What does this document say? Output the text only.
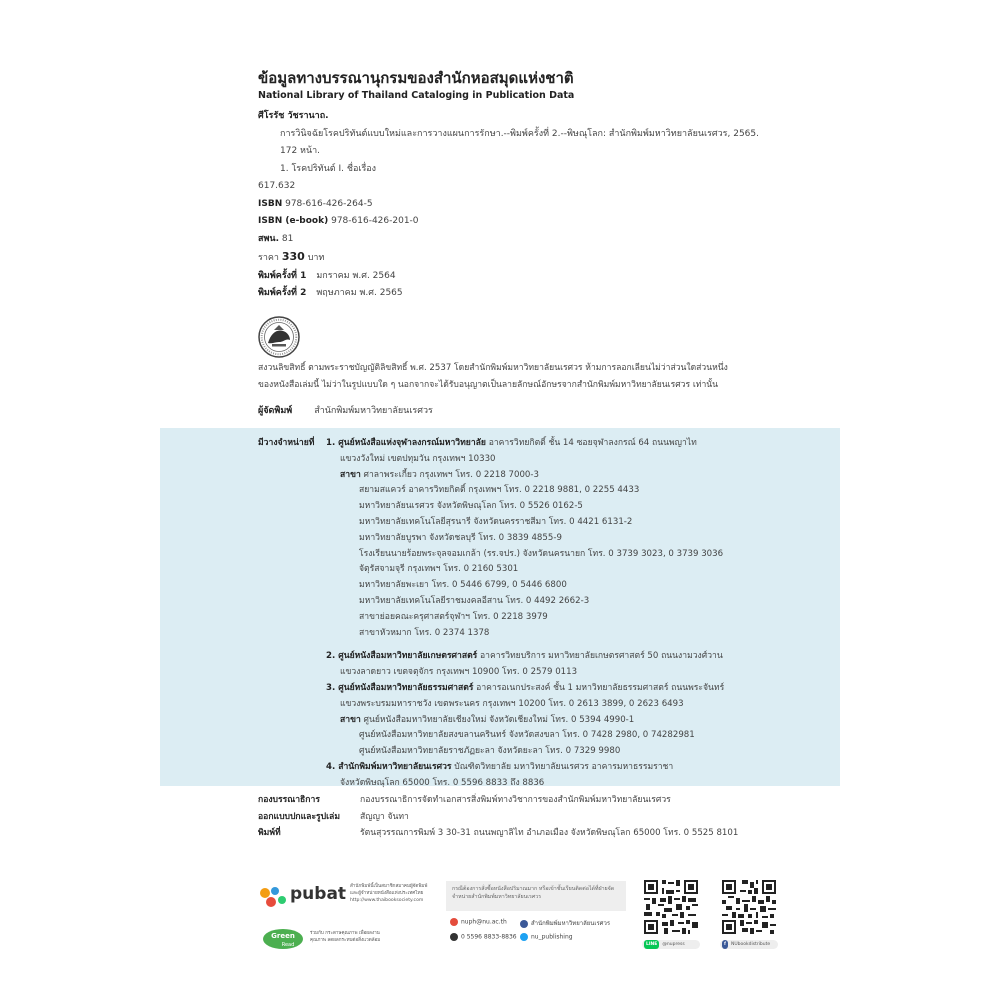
ข้อมูลทางบรรณานุกรมของสำนักหอสมุดแห่งชาติ
National Library of Thailand Cataloging in Publication Data
ศีโรรัช วัชรานาถ.
การวินิจฉัยโรคปริทันต์แบบใหม่และการวางแผนการรักษา.--พิมพ์ครั้งที่ 2.--พิษณุโลก: สำนักพิมพ์มหาวิทยาลัยนเรศวร, 2565.
172 หน้า.
1. โรคปริทันต์ I. ชื่อเรื่อง
617.632
ISBN 978-616-426-264-5
ISBN (e-book) 978-616-426-201-0
สพน. 81
ราคา 330 บาท
พิมพ์ครั้งที่ 1 มกราคม พ.ศ. 2564
พิมพ์ครั้งที่ 2 พฤษภาคม พ.ศ. 2565
สงวนลิขสิทธิ์ ตามพระราชบัญญัติลิขสิทธิ์ พ.ศ. 2537 โดยสำนักพิมพ์มหาวิทยาลัยนเรศวร ห้ามการลอกเลียนไม่ว่าส่วนใดส่วนหนึ่ง
ของหนังสือเล่มนี้ ไม่ว่าในรูปแบบใด ๆ นอกจากจะได้รับอนุญาตเป็นลายลักษณ์อักษรจากสำนักพิมพ์มหาวิทยาลัยนเรศวร เท่านั้น
ผู้จัดพิมพ์ สำนักพิมพ์มหาวิทยาลัยนเรศวร
มีวางจำหน่ายที่ 1. ศูนย์หนังสือแห่งจุฬาลงกรณ์มหาวิทยาลัย อาคารวิทยกิตติ์ ชั้น 14 ซอยจุฬาลงกรณ์ 64 ถนนพญาไท
แขวงวังใหม่ เขตปทุมวัน กรุงเทพฯ 10330
สาขา ศาลาพระเกี้ยว กรุงเทพฯ โทร. 0 2218 7000-3
สยามสแควร์ อาคารวิทยกิตติ์ กรุงเทพฯ โทร. 0 2218 9881, 0 2255 4433
มหาวิทยาลัยนเรศวร จังหวัดพิษณุโลก โทร. 0 5526 0162-5
มหาวิทยาลัยเทคโนโลยีสุรนารี จังหวัดนครราชสีมา โทร. 0 4421 6131-2
มหาวิทยาลัยบูรพา จังหวัดชลบุรี โทร. 0 3839 4855-9
โรงเรียนนายร้อยพระจุลจอมเกล้า (รร.จปร.) จังหวัดนครนายก โทร. 0 3739 3023, 0 3739 3036
จัตุรัสจามจุรี กรุงเทพฯ โทร. 0 2160 5301
มหาวิทยาลัยพะเยา โทร. 0 5446 6799, 0 5446 6800
มหาวิทยาลัยเทคโนโลยีราชมงคลอีสาน โทร. 0 4492 2662-3
สาขาย่อยคณะครุศาสตร์จุฬาฯ โทร. 0 2218 3979
สาขาหัวหมาก โทร. 0 2374 1378
2. ศูนย์หนังสือมหาวิทยาลัยเกษตรศาสตร์ อาคารวิทยบริการ มหาวิทยาลัยเกษตรศาสตร์ 50 ถนนงามวงศ์วาน
แขวงลาดยาว เขตจตุจักร กรุงเทพฯ 10900 โทร. 0 2579 0113
3. ศูนย์หนังสือมหาวิทยาลัยธรรมศาสตร์ อาคารอเนกประสงค์ ชั้น 1 มหาวิทยาลัยธรรมศาสตร์ ถนนพระจันทร์
แขวงพระบรมมหาราชวัง เขตพระนคร กรุงเทพฯ 10200 โทร. 0 2613 3899, 0 2623 6493
สาขา ศูนย์หนังสือมหาวิทยาลัยเชียงใหม่ จังหวัดเชียงใหม่ โทร. 0 5394 4990-1
ศูนย์หนังสือมหาวิทยาลัยสงขลานครินทร์ จังหวัดสงขลา โทร. 0 7428 2980, 0 74282981
ศูนย์หนังสือมหาวิทยาลัยราชภัฏยะลา จังหวัดยะลา โทร. 0 7329 9980
4. สำนักพิมพ์มหาวิทยาลัยนเรศวร บัณฑิตวิทยาลัย มหาวิทยาลัยนเรศวร อาคารมหาธรรมราชา
จังหวัดพิษณุโลก 65000 โทร. 0 5596 8833 ถึง 8836
กองบรรณาธิการ	กองบรรณาธิการจัดทำเอกสารสิ่งพิมพ์ทางวิชาการของสำนักพิมพ์มหาวิทยาลัยนเรศวร
ออกแบบปกและรูปเล่ม สัญญา จันทา
พิมพ์ที่	รัตนสุวรรณการพิมพ์ 3 30-31 ถนนพญาลิไท อำเภอเมือง จังหวัดพิษณุโลก 65000 โทร. 0 5525 8101
pubat สำนักพิมพ์นี้เป็นสมาชิกสมาคมผู้จัดพิมพ์และผู้จำหน่ายหนังสือแห่งประเทศไทย http://www.thaibooksociety.com
กรณีต้องการสั่งซื้อหนังสือปริมาณมาก หรือเข้าชั้นเรียนติดต่อได้ที่ฝ่ายจัดจำหน่ายสำนักพิมพ์มหาวิทยาลัยนเรศวร
Green
Read
ร่วมกับ กระดาษคุณภาพ เพื่อผลงานคุณภาพ ลดผลกระทบต่อสิ่งแวดล้อม
nuph@nu.ac.th	สำนักพิมพ์มหาวิทยาลัยนเรศวร
0 5596 8833-8836	nu_publishing
LINE @nupress	f NUbookdistribute
